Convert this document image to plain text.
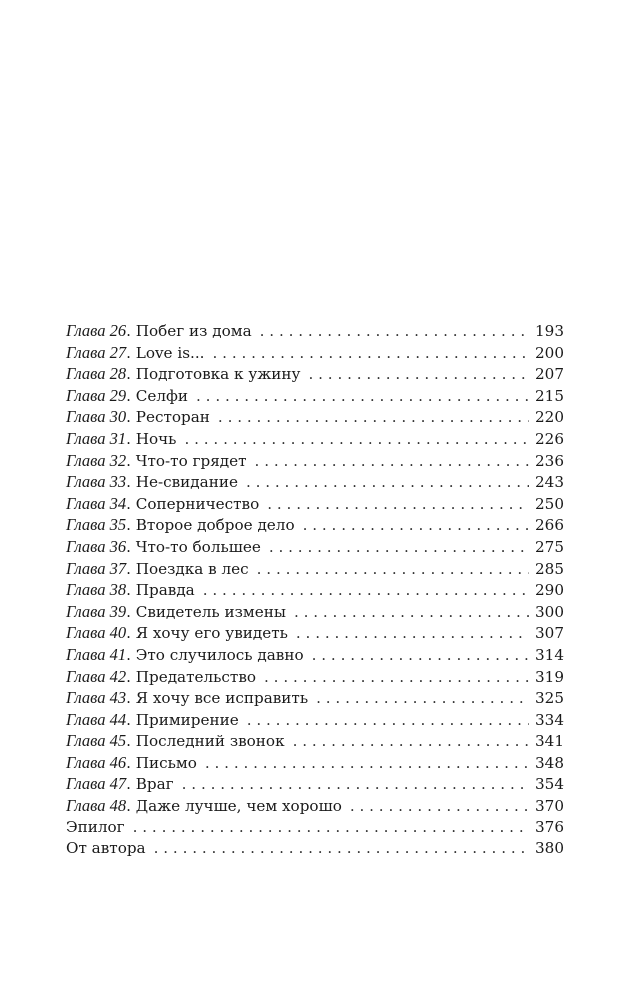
Глава 26 . Побег из дома . . .	193
Глава 27 . Love is... . . .	200
Глава 28 . Подготовка к ужину . . .	207
Глава 29 . Селфи . . .	215
Глава 30 . Ресторан . . .	220
Глава 31 . Ночь . . .	226
Глава 32 . Что-то грядет . . .	236
Глава 33 . Не-свидание . . .	243
Глава 34 . Соперничество . . .	250
Глава 35 . Второе доброе дело . . .	266
Глава 36 . Что-то большее . . .	275
Глава 37 . Поездка в лес . . .	285
Глава 38 . Правда . . .	290
Глава 39 . Свидетель измены . . .	300
Глава 40 . Я хочу его увидеть . . .	307
Глава 41 . Это случилось давно . . .	314
Глава 42 . Предательство . . .	319
Глава 43 . Я хочу все исправить . . .	325
Глава 44 . Примирение . . .	334
Глава 45 . Последний звонок . . .	341
Глава 46 . Письмо . . .	348
Глава 47 . Враг . . .	354
Глава 48 . Даже лучше, чем хорошо . . .	370
Эпилог . . .	376
От автора . . .	380
